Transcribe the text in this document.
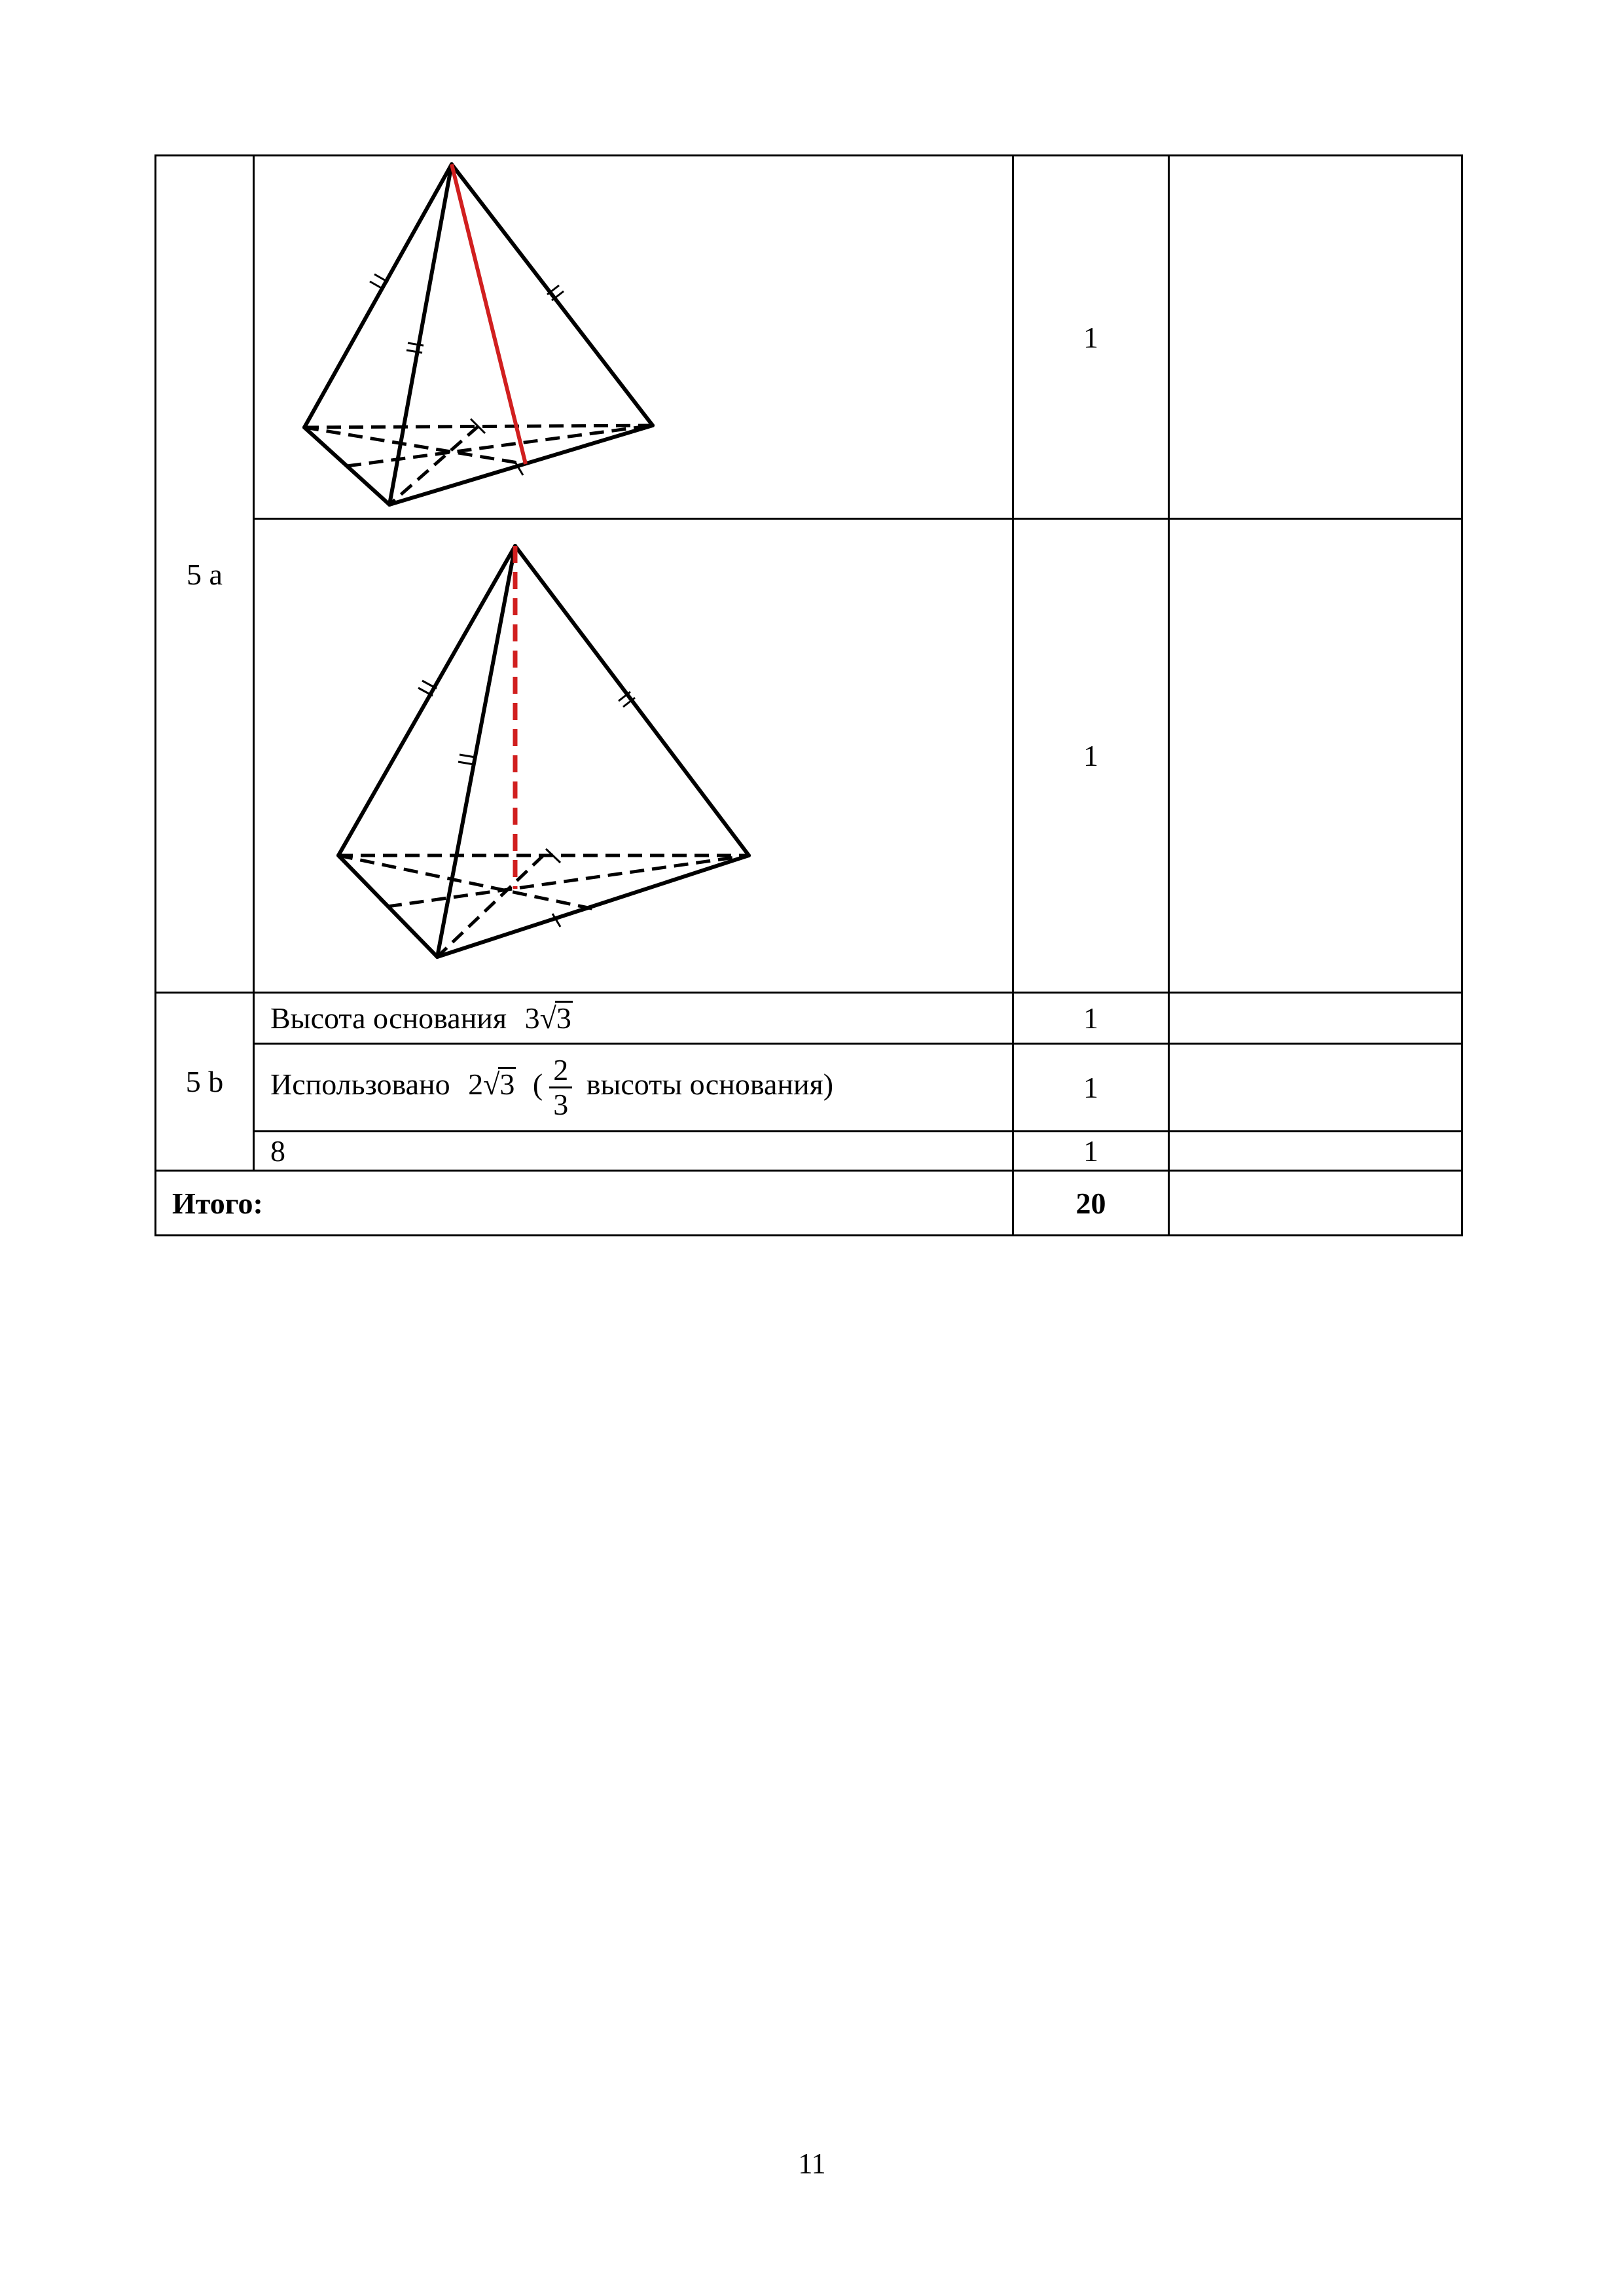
5 a		1	

	1	
5 b	Высота основания 3√3	1	
	Использовано 2√3 ( $\frac{2}{3}$ высоты основания)	1	
	8	1	
Итого:		20	
11
